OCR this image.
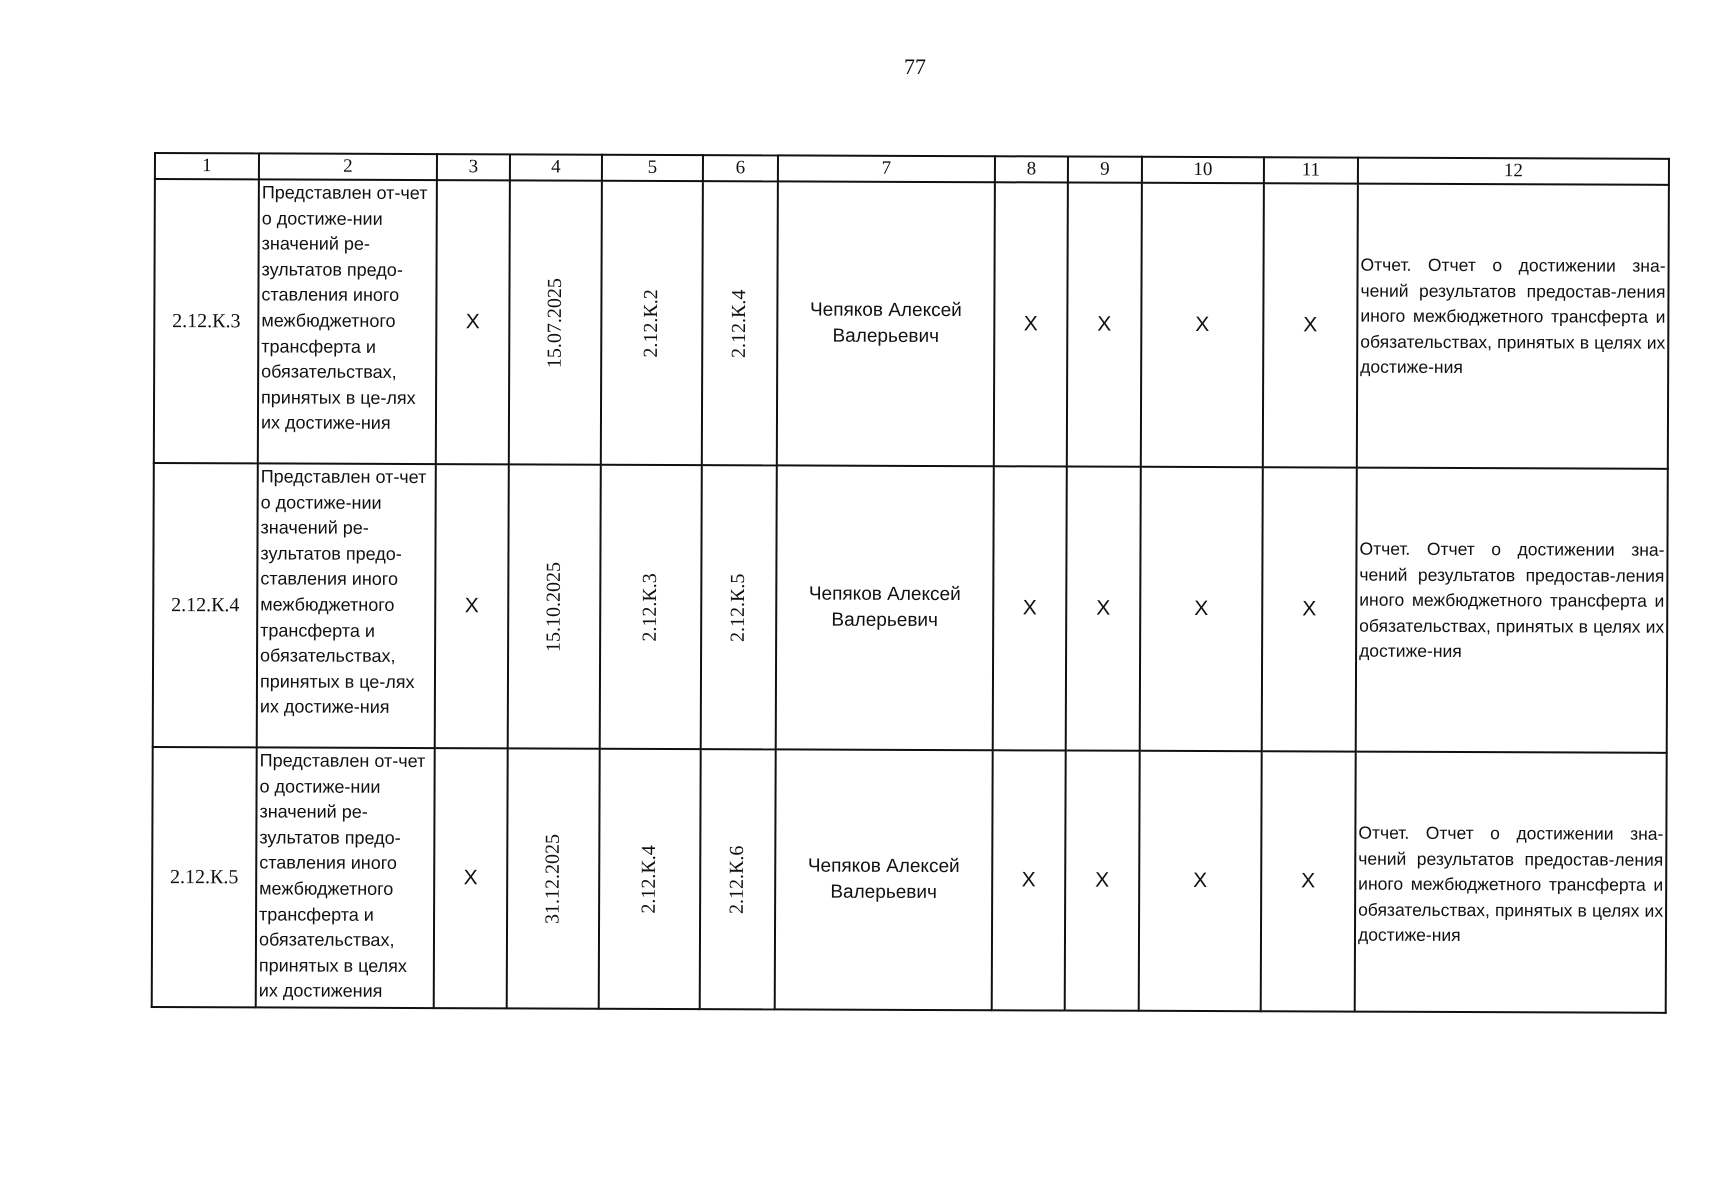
77
1	2	3	4	5	6	7	8	9	10	11	12
2.12.К.3	Представлен от-чет о достиже-нии значений ре-зультатов предо-ставления иного межбюджетного трансферта и обязательствах, принятых в це-лях их достиже-ния	X	15.07.2025	2.12.К.2	2.12.К.4	Чепяков Алексей Валерьевич	X	X	X	X	Отчет. Отчет о достижении зна-чений результатов предостав-ления иного межбюджетного трансферта и обязательствах, принятых в целях их достиже-ния

2.12.К.4	Представлен от-чет о достиже-нии значений ре-зультатов предо-ставления иного межбюджетного трансферта и обязательствах, принятых в це-лях их достиже-ния	X	15.10.2025	2.12.К.3	2.12.К.5	Чепяков Алексей Валерьевич	X	X	X	X	Отчет. Отчет о достижении зна-чений результатов предостав-ления иного межбюджетного трансферта и обязательствах, принятых в целях их достиже-ния

2.12.К.5	Представлен от-чет о достиже-нии значений ре-зультатов предо-ставления иного межбюджетного трансферта и обязательствах, принятых в целях их достижения	X	31.12.2025	2.12.К.4	2.12.К.6	Чепяков Алексей Валерьевич	X	X	X	X	Отчет. Отчет о достижении зна-чений результатов предостав-ления иного межбюджетного трансферта и обязательствах, принятых в целях их достиже-ния
